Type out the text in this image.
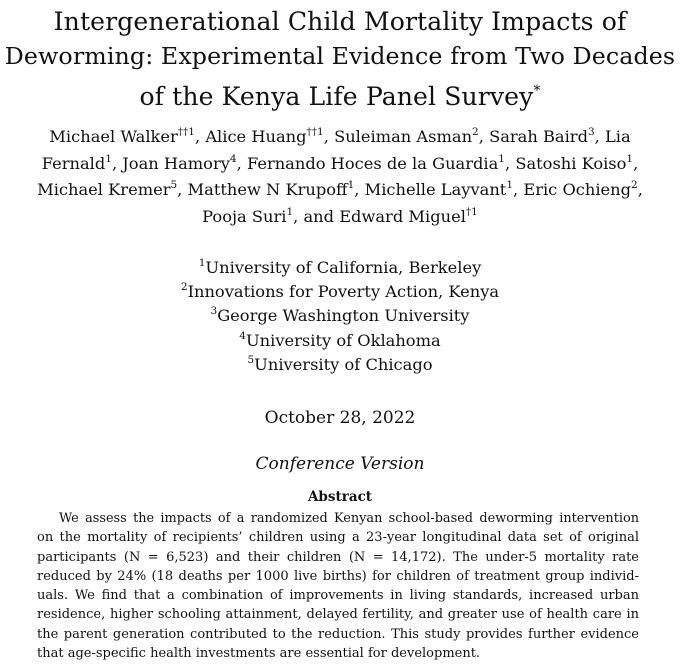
Intergenerational Child Mortality Impacts of
Deworming: Experimental Evidence from Two Decades
of the Kenya Life Panel Survey*
Michael Walker$^{\dagger\dagger 1}$, Alice Huang$^{\dagger\dagger 1}$, Suleiman Asman$^2$, Sarah Baird$^3$, Lia
Fernald$^1$, Joan Hamory$^4$, Fernando Hoces de la Guardia$^1$, Satoshi Koiso$^1$,
Michael Kremer$^5$, Matthew N Krupoff$^1$, Michelle Layvant$^1$, Eric Ochieng$^2$,
Pooja Suri$^1$, and Edward Miguel$^{\dagger 1}$
$^1$University of California, Berkeley
$^2$Innovations for Poverty Action, Kenya
$^3$George Washington University
$^4$University of Oklahoma
$^5$University of Chicago
October 28, 2022
Conference Version
Abstract
We assess the impacts of a randomized Kenyan school-based deworming intervention
on the mortality of recipients’ children using a 23-year longitudinal data set of original
participants (N = 6,523) and their children (N = 14,172). The under-5 mortality rate
reduced by 24% (18 deaths per 1000 live births) for children of treatment group individ-
uals. We find that a combination of improvements in living standards, increased urban
residence, higher schooling attainment, delayed fertility, and greater use of health care in
the parent generation contributed to the reduction. This study provides further evidence
that age-specific health investments are essential for development.
